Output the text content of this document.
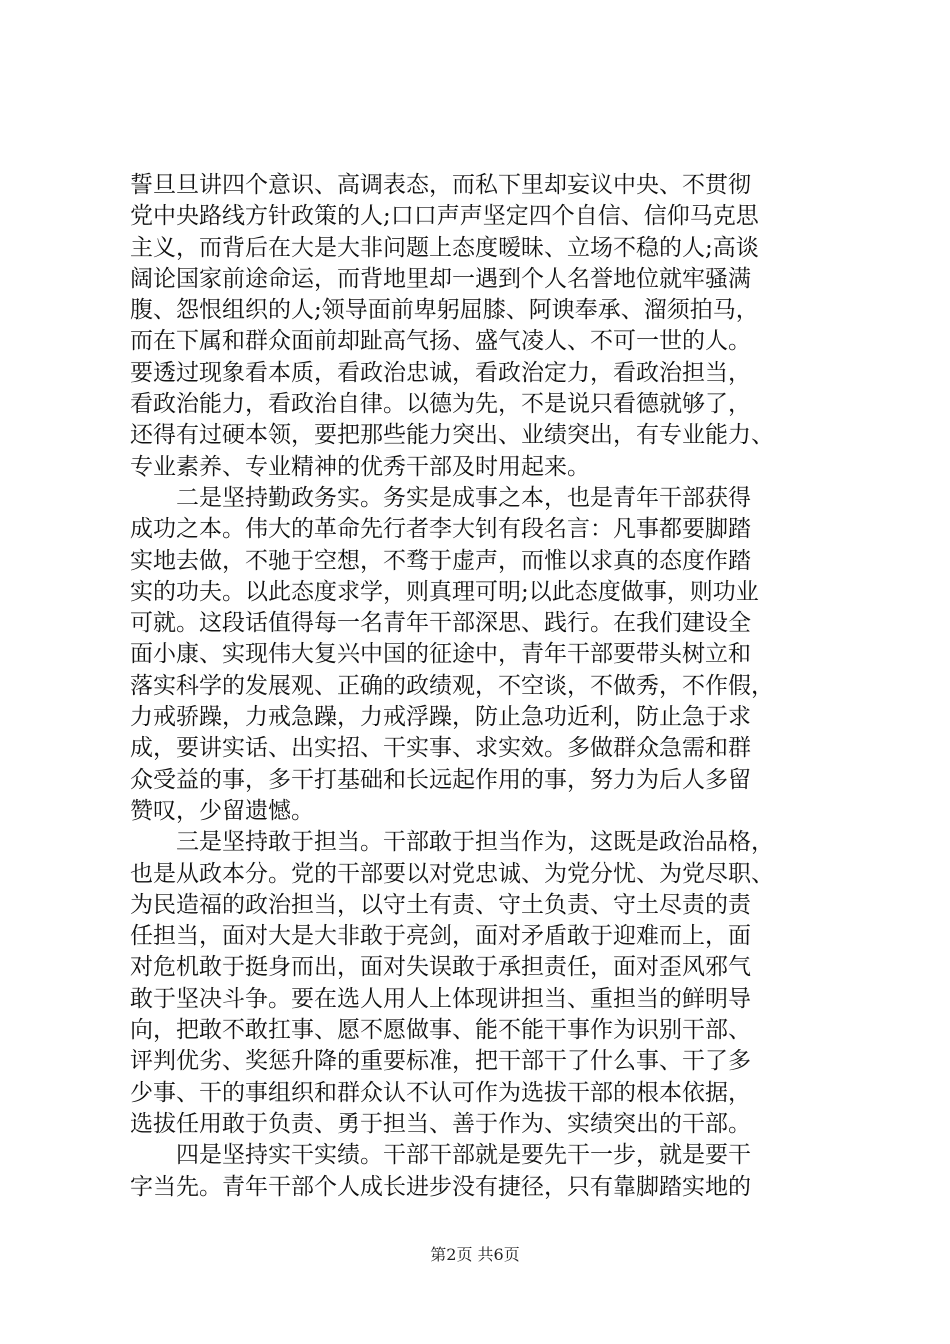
誓旦旦讲四个意识、高调表态，而私下里却妄议中央、不贯彻
党中央路线方针政策的人;口口声声坚定四个自信、信仰马克思
主义，而背后在大是大非问题上态度暧昧、立场不稳的人;高谈
阔论国家前途命运，而背地里却一遇到个人名誉地位就牢骚满
腹、怨恨组织的人;领导面前卑躬屈膝、阿谀奉承、溜须拍马，
而在下属和群众面前却趾高气扬、盛气凌人、不可一世的人。
要透过现象看本质，看政治忠诚，看政治定力，看政治担当，
看政治能力，看政治自律。以德为先，不是说只看德就够了，
还得有过硬本领，要把那些能力突出、业绩突出，有专业能力、
专业素养、专业精神的优秀干部及时用起来。
二是坚持勤政务实。务实是成事之本，也是青年干部获得
成功之本。伟大的革命先行者李大钊有段名言：凡事都要脚踏
实地去做，不驰于空想，不骛于虚声，而惟以求真的态度作踏
实的功夫。以此态度求学，则真理可明;以此态度做事，则功业
可就。这段话值得每一名青年干部深思、践行。在我们建设全
面小康、实现伟大复兴中国的征途中，青年干部要带头树立和
落实科学的发展观、正确的政绩观，不空谈，不做秀，不作假，
力戒骄躁，力戒急躁，力戒浮躁，防止急功近利，防止急于求
成，要讲实话、出实招、干实事、求实效。多做群众急需和群
众受益的事，多干打基础和长远起作用的事，努力为后人多留
赞叹，少留遗憾。
三是坚持敢于担当。干部敢于担当作为，这既是政治品格，
也是从政本分。党的干部要以对党忠诚、为党分忧、为党尽职、
为民造福的政治担当，以守土有责、守土负责、守土尽责的责
任担当，面对大是大非敢于亮剑，面对矛盾敢于迎难而上，面
对危机敢于挺身而出，面对失误敢于承担责任，面对歪风邪气
敢于坚决斗争。要在选人用人上体现讲担当、重担当的鲜明导
向，把敢不敢扛事、愿不愿做事、能不能干事作为识别干部、
评判优劣、奖惩升降的重要标准，把干部干了什么事、干了多
少事、干的事组织和群众认不认可作为选拔干部的根本依据，
选拔任用敢于负责、勇于担当、善于作为、实绩突出的干部。
四是坚持实干实绩。干部干部就是要先干一步，就是要干
字当先。青年干部个人成长进步没有捷径，只有靠脚踏实地的
第2页 共6页
